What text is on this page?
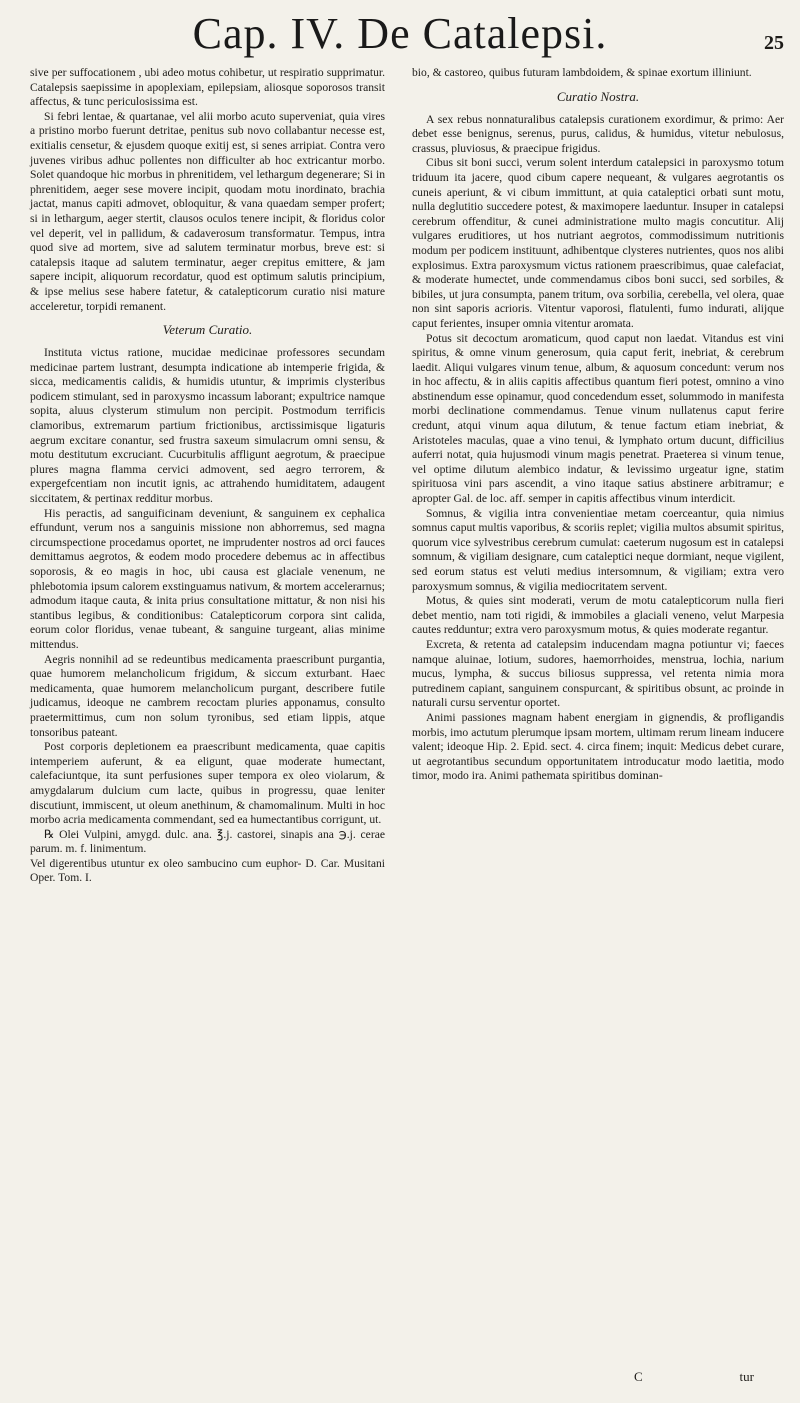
Cap. IV. De Catalepsi.	25

sive per suffocationem , ubi adeo motus cohibetur, ut respiratio supprimatur. Catalepsis saepissime in apoplexiam, epilepsiam, aliosque soporosos transit affectus, & tunc periculosissima est.

Si febri lentae, & quartanae, vel alii morbo acuto superveniat, quia vires a pristino morbo fuerunt detritae, penitus sub novo collabantur necesse est, exitialis censetur, & ejusdem quoque exitij est, si senes arripiat. Contra vero juvenes viribus adhuc pollentes non difficulter ab hoc extricantur morbo. Solet quandoque hic morbus in phrenitidem, vel lethargum degenerare; Si in phrenitidem, aeger sese movere incipit, quodam motu inordinato, brachia jactat, manus capiti admovet, obloquitur, & vana quaedam semper profert; si in lethargum, aeger stertit, clausos oculos tenere incipit, & floridus color vel deperit, vel in pallidum, & cadaverosum transformatur. Tempus, intra quod sive ad mortem, sive ad salutem terminatur morbus, breve est: si catalepsis itaque ad salutem terminatur, aeger crepitus emittere, & jam sapere incipit, aliquorum recordatur, quod est optimum salutis principium, & ipse melius sese habere fatetur, & catalepticorum curatio nisi mature acceleretur, torpidi remanent.

Veterum Curatio.

Instituta victus ratione, mucidae medicinae professores secundam medicinae partem lustrant, desumpta indicatione ab intemperie frigida, & sicca, medicamentis calidis, & humidis utuntur, & imprimis clysteribus podicem stimulant, sed in paroxysmo incassum laborant; expultrice namque sopita, aluus clysterum stimulum non percipit. Postmodum terrificis clamoribus, extremarum partium frictionibus, arctissimisque ligaturis aegrum excitare conantur, sed frustra saxeum simulacrum omni sensu, & motu destitutum excruciant. Cucurbitulis affligunt aegrotum, & praecipue plures magna flamma cervici admovent, sed aegro terrorem, & expergefcentiam non incutit ignis, ac attrahendo humiditatem, adaugent siccitatem, & pertinax redditur morbus.

His peractis, ad sanguificinam deveniunt, & sanguinem ex cephalica effundunt, verum nos a sanguinis missione non abhorremus, sed magna circumspectione procedamus oportet, ne imprudenter nostros ad orci fauces demittamus aegrotos, & eodem modo procedere debemus ac in affectibus soporosis, & eo magis in hoc, ubi causa est glaciale venenum, ne phlebotomia ipsum calorem exstinguamus nativum, & mortem accelerarnus; admodum itaque cauta, & inita prius consultatione mittatur, & non nisi his stantibus legibus, & conditionibus: Catalepticorum corpora sint calida, eorum color floridus, venae tubeant, & sanguine turgeant, alias minime mittendus.

Aegris nonnihil ad se redeuntibus medicamenta praescribunt purgantia, quae humorem melancholicum frigidum, & siccum exturbant. Haec medicamenta, quae humorem melancholicum purgant, describere futile judicamus, ideoque ne cambrem recoctam pluries apponamus, consulto praetermittimus, cum non solum tyronibus, sed etiam lippis, atque tonsoribus pateant.

Post corporis depletionem ea praescribunt medicamenta, quae capitis intemperiem auferunt, & ea eligunt, quae moderate humectant, calefaciuntque, ita sunt perfusiones super tempora ex oleo violarum, & amygdalarum dulcium cum lacte, quibus in progressu, quae leniter discutiunt, immiscent, ut oleum anethinum, & chamomalinum. Multi in hoc morbo acria medicamenta commendant, sed ea humectantibus corrigunt, ut.

℞ Olei Vulpini, amygd. dulc. ana. ℥.j. castorei, sinapis ana ℈.j. cerae parum. m. f. linimentum.

Vel digerentibus utuntur ex oleo sambucino cum euphor- D. Car. Musitani Oper. Tom. I.

bio, & castoreo, quibus futuram lambdoidem, & spinae exortum illiniunt.

Curatio Nostra.

A sex rebus nonnaturalibus catalepsis curationem exordimur, & primo: Aer debet esse benignus, serenus, purus, calidus, & humidus, vitetur nebulosus, crassus, pluviosus, & praecipue frigidus.

Cibus sit boni succi, verum solent interdum catalepsici in paroxysmo totum triduum ita jacere, quod cibum capere nequeant, & vulgares aegrotantis os cuneis aperiunt, & vi cibum immittunt, at quia cataleptici orbati sunt motu, nulla deglutitio succedere potest, & maximopere laeduntur. Insuper in catalepsi cerebrum offenditur, & cunei administratione multo magis concutitur. Alij vulgares eruditiores, ut hos nutriant aegrotos, commodissimum nutritionis modum per podicem instituunt, adhibentque clysteres nutrientes, quos nos alibi explosimus. Extra paroxysmum victus rationem praescribimus, quae calefaciat, & moderate humectet, unde commendamus cibos boni succi, sed sorbiles, & bibiles, ut jura consumpta, panem tritum, ova sorbilia, cerebella, vel olera, quae non sint saporis acrioris. Vitentur vaporosi, flatulenti, fumo indurati, alijque caput ferientes, insuper omnia vitentur aromata.

Potus sit decoctum aromaticum, quod caput non laedat. Vitandus est vini spiritus, & omne vinum generosum, quia caput ferit, inebriat, & cerebrum laedit. Aliqui vulgares vinum tenue, album, & aquosum concedunt: verum nos in hoc affectu, & in aliis capitis affectibus quantum fieri potest, omnino a vino abstinendum esse opinamur, quod concedendum esset, solummodo in manifesta morbi declinatione commendamus. Tenue vinum nullatenus caput ferire credunt, atqui vinum aqua dilutum, & tenue factum etiam inebriat, & Aristoteles maculas, quae a vino tenui, & lymphato ortum ducunt, difficilius auferri notat, quia hujusmodi vinum magis penetrat. Praeterea si vinum tenue, vel optime dilutum alembico indatur, & levissimo urgeatur igne, statim spirituosa vini pars ascendit, a vino itaque satius abstinere arbitramur; e apropter Gal. de loc. aff. semper in capitis affectibus vinum interdicit.

Somnus, & vigilia intra convenientiae metam coerceantur, quia nimius somnus caput multis vaporibus, & scoriis replet; vigilia multos absumit spiritus, quorum vice sylvestribus cerebrum cumulat: caeterum nugosum est in catalepsi somnum, & vigiliam designare, cum cataleptici neque dormiant, neque vigilent, sed eorum status est veluti medius intersomnum, & vigiliam; extra vero paroxysmum somnus, & vigilia mediocritatem servent.

Motus, & quies sint moderati, verum de motu catalepticorum nulla fieri debet mentio, nam toti rigidi, & immobiles a glaciali veneno, velut Marpesia cautes redduntur; extra vero paroxysmum motus, & quies moderate regantur.

Excreta, & retenta ad catalepsim inducendam magna potiuntur vi; faeces namque aluinae, lotium, sudores, haemorrhoides, menstrua, lochia, narium mucus, lympha, & succus biliosus suppressa, vel retenta nimia mora putredinem capiant, sanguinem conspurcant, & spiritibus obsunt, ac proinde in naturali cursu serventur oportet.

Animi passiones magnam habent energiam in gignendis, & profligandis morbis, imo actutum plerumque ipsam mortem, ultimam rerum lineam inducere valent; ideoque Hip. 2. Epid. sect. 4. circa finem; inquit: Medicus debet curare, ut aegrotantibus secundum opportunitatem introducatur modo laetitia, modo timor, modo ira. Animi pathemata spiritibus dominan-

C	tur
